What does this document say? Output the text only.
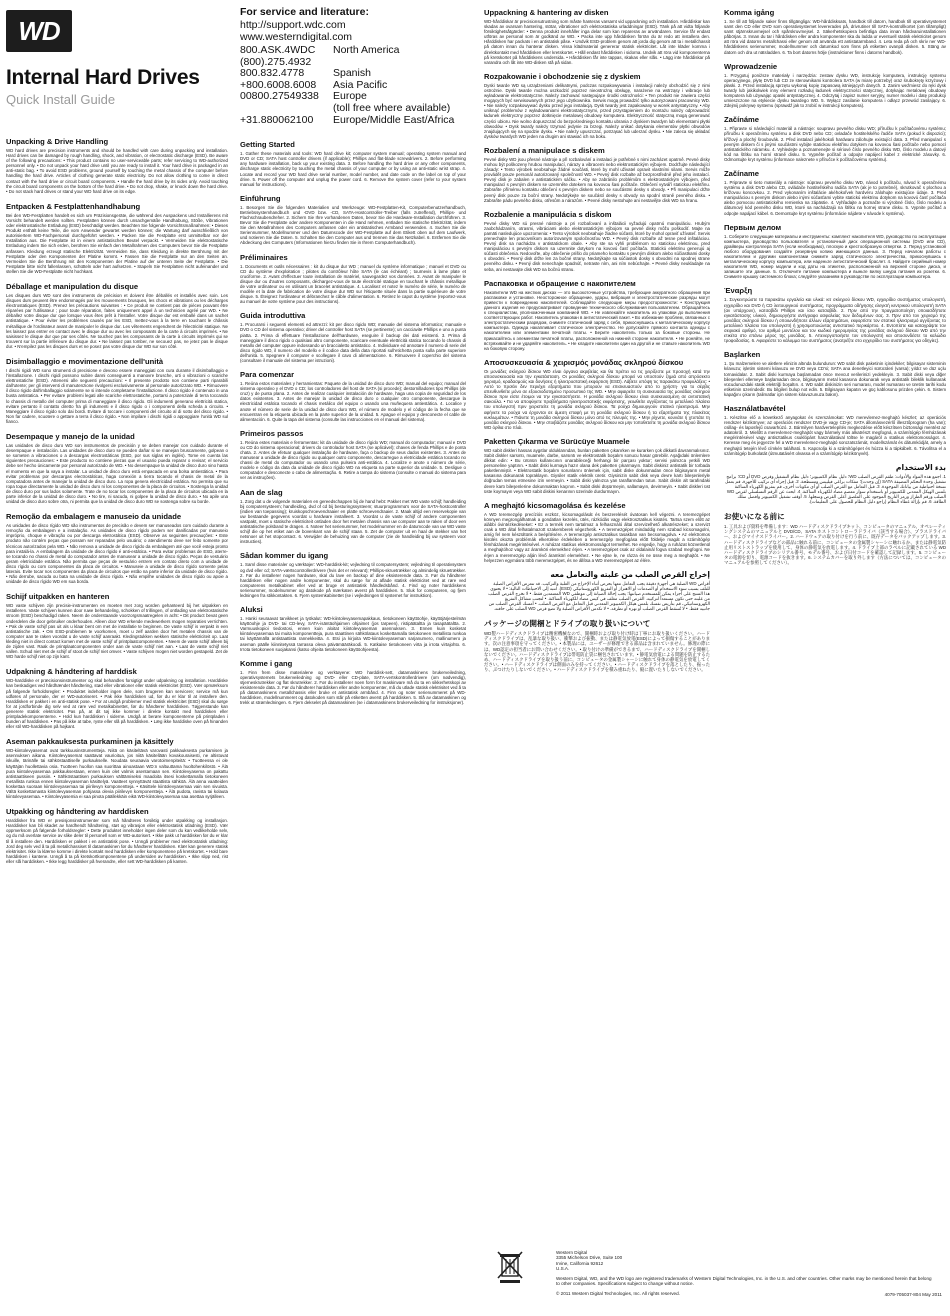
WD
Internal Hard Drives
Quick Install Guide
Unpacking & Drive Handling
WD hard drives are precision instruments and should be handled with care during unpacking and installation. Hard drives can be damaged by rough handling, shock, and vibration, or electrostatic discharge (ESD). Be aware of the following precautions: • This product contains no user-serviceable parts; refer servicing to WD-authorized personnel only. • Do not unpack your hard drive until you are ready to install it. Your hard drive is packaged in an anti-static bag. • To avoid ESD problems, ground yourself by touching the metal chassis of the computer before handling the hard drive. Articles of clothing generate static electricity. Do not allow clothing to come in direct contact with the hard drive or circuit board components. • Handle the hard drive by its sides only. Avoid touching the circuit board components on the bottom of the hard drive. • Do not drop, shake, or knock down the hard drive. • Do not stack hard drives or stand your WD hard drive on its edge.
Entpacken & Festplattenhandhabung
Bei den WD-Festplatten handelt es sich um Präzisionsgeräte, die während des Auspackens und Installierens mit Vorsicht behandelt werden sollten. Festplatten können durch unsachgemäße Handhabung, Stöße, Vibrationen oder elektrostatische Entladung (ESD) beschädigt werden. Beachten Sie folgende Vorsichtsmaßnahmen: • Dieses Produkt enthält keine Teile, die vom Anwender gewartet werden können; die Wartung darf ausschließlich von autorisiertem WD-Fachpersonal durchgeführt werden. • Packen Sie die Festplatte erst unmittelbar vor der Installation aus. Die Festplatte ist in einem antistatischen Beutel verpackt. • Vermeiden Sie elektrostatische Entladung indem Sie sich erden, berühren Sie einfach den Metallrahmen des Computers bevor Sie die Festplatte anfassen. Kleidung erzeugt statische Elektrizität. Vermeiden Sie, dass Kleidung in direkte Berührung mit der Festplatte oder den Komponenten der Platine kommt. • Fassen Sie die Festplatte nur an den Seiten an. Vermeiden Sie die Berührung mit den Komponenten der Platine auf der unteren Seite der Festplatte. • Die Festplatte bitte nicht fallenlassen, schütteln oder hart aufsetzen. • Stapeln Sie Festplatten nicht aufeinander und stellen Sie die WD-Festplatte nicht hochkant.
Déballage et manipulation du disque
Les disques durs WD sont des instruments de précision et doivent être déballés et installés avec soin. Les disques durs peuvent être endommagés par les mouvements brusques, les chocs et vibrations ou les décharges électrostatiques (ESD). Prenez les précautions suivantes : • Ce produit ne contient pas de pièces pouvant être réparées par l'utilisateur ; pour toute réparation, faites uniquement appel à un technicien agréé par WD. • Ne déballez votre disque dur que lorsque vous êtes prêt à l'installer. Votre disque dur est emballé dans un sachet antistatique. • Pour éviter les problèmes causés par les ESD, mettez-vous à la terre en touchant le châssis métallique de l'ordinateur avant de manipuler le disque dur. Les vêtements engendrent de l'électricité statique. Ne les laissez pas entrer en contact avec le disque dur ou avec les composants de la carte à circuits imprimés. • Ne saisissez le disque dur que par ses côtés. Ne touchez pas les composants de la carte à circuits imprimés qui se trouvent sur la partie inférieure du disque dur. • Ne laissez pas tomber, ne secouez pas, ne jetez pas le disque dur. • N'empilez pas les disques durs et ne posez pas votre disque dur WD sur son côté.
Disimballaggio e movimentazione dell'unità
I dischi rigidi WD sono strumenti di precisione e devono essere maneggiati con cura durante il disimballaggio e l'installazione. I dischi rigidi possono subire danni conseguenti a manovre brusche, urti o vibrazioni o scariche elettrostatiche (ESD). Attenersi alle seguenti precauzioni: • Il presente prodotto non contiene parti riparabili dall'utente; per gli interventi di manutenzione rivolgersi esclusivamente al personale autorizzato WD. • Rimuovere il disco rigido dall'imballaggio solamente se si intende completarne l'installazione. Il disco rigido è contenuto in una busta antistatica. • Per evitare problemi legati alle scariche elettrostatiche, portarsi a potenziale di terra toccando lo chassis di metallo del computer prima di maneggiare il disco rigido. Gli indumenti generano elettricità statica, evitare pertanto il contatto diretto fra gli indumenti e il disco rigido o i componenti della scheda a circuito. • Maneggiare il disco rigido solo dai bordi. Evitare di toccare i componenti del circuito al di sotto del disco rigido. • Non far cadere, scuotere o gettare a terra il disco rigido. • Non impilare i dischi rigidi o appoggiare l'unità WD sul fianco.
Desempaque y manejo de la unidad
Las unidades de disco duro WD son instrumentos de precisión y se deben manejar con cuidado durante el desempaque e instalación. Las unidades de disco duro se pueden dañar si se manejan bruscamente, golpean o se someten a vibraciones o a descargas electrostáticas (ESD, por sus siglas en inglés). Tome en cuenta las siguientes precauciones: • Este producto no contiene piezas que el usuario pueda reparar o revisar; el servicio debe ser hecho únicamente por personal autorizado de WD. • No desempaque la unidad de disco duro sino hasta el momento en que la vaya a instalar. La unidad de disco duro está empacada en una bolsa antiestática. • Para evitar problemas por descargas electrostáticas, haga conexión a tierra tocando el chasis de metal de la computadora antes de manejar la unidad de disco duro. La ropa genera electricidad estática. No permita que su ropa toque directamente la unidad de disco duro ni los componentes de la placa de circuitos. • Sostenga la unidad de disco duro por sus lados solamente. Trate de no tocar los componentes de la placa de circuitos ubicada en la parte inferior de la unidad de disco duro. • No tire, ni sacuda, ni golpee la unidad de disco duro. • No apile una unidad de disco duro sobre otra, ni permita que la unidad de disco duro WD se sostenga sobre su borde.
Remoção da embalagem e manuseio da unidade
As unidades de disco rígido WD são instrumentos de precisão e devem ser manuseados com cuidado durante a remoção da embalagem e a instalação. As unidades de disco rígido podem ser danificadas por manuseio impróprio, choque e vibração ou por descarga eletrostática (ESD). Observe as seguintes precauções: • Este produto não contém peças que possam ser reparadas pelo usuário; o atendimento deve ser feito somente por técnicos autorizados pela WD. • Não remova a unidade de disco rígido da embalagem até que você esteja pronto para instalá-la. A embalagem da unidade de disco rígido é anti-estática. • Para evitar problemas de ESD, aterre-se tocando no chassi de metal do computador antes de manusear a unidade de disco rígido. Peças de vestuário geram eletricidade estática. Não permita que peças de vestuário entrem em contato direto com a unidade de disco rígido ou com componentes da placa de circuitos. • Manuseie a unidade de disco rígido somente pelas laterais. Evite tocar nos componentes da placa de circuitos que estão na parte inferior da unidade de disco rígido. • Não derrube, sacuda ou bata na unidade de disco rígido. • Não empilhe unidades de disco rígido ou apoie a unidade de disco rígido WD em sua borda.
Schijf uitpakken en hanteren
WD vaste schijven zijn precisie-instrumenten en moeten met zorg worden gehanteerd bij het uitpakken en installeren. Vaste schijven kunnen door ruwe behandeling, schokken of trillingen, of ontlading van elektrostatische stroom (ESD) beschadigd raken. Neem de onderstaande voorzorgsmaatregelen in acht: • Dit product bevat geen onderdelen die door gebruiker onderhouden. Alleen door WD erkende medewerkers mogen reparaties verrichten. • Pak de vaste schijf pas uit als u klaar bent om met de installatie te beginnen. De vaste schijf is verpakt in een antistatische zak. • Om ESD-problemen te voorkomen, moet u zelf aarden door het metalen chassis van de computer aan te raken voordat u de vaste schijf aanraakt. Kledingstukken wekken statische elektriciteit op. Laat kleding niet in direct contact komen met de vaste schijf of printplaatcomponenten. • Neem de vaste schijf alleen bij de zijden vast. Raak de printplaatcomponenten onder aan de vaste schijf niet aan. • Laat de vaste schijf niet vallen. Schud niet met de schijf of stoot de schijf niet omver. • Vaste schijven mogen niet worden gestapeld. Zet de WD harde schijf niet op zijn kant.
Udpakning & håndtering af harddisk
WD-harddiske er præcisionsinstrumenter og skal behandles forsigtigt under udpakning og installation. Harddiske kan beskadiges ved hårdhændet håndtering, stød eller vibrationer eller statisk elektricitet (ESD). Vær opmærksom på følgende forholdsregler: • Produktet indeholder ingen dele, som brugeren kan servicere; service må kun udføres af personale, der er WD-autoriseret. • Pak ikke harddisken ud, før du er klar til at installere den. Harddisken er pakket i en anti-statisk pose. • For at undgå problemer med statisk elektricitet (ESD) skal du sørge for at jordforbinde dig selv ved at røre ved metalkabinettet, før du håndterer harddisken. Tøjgenstande kan generere statisk elektricitet. Pas på, at dit tøj ikke kommer i direkte kontakt med harddisken eller printpladekomponenterne. • Hold kun harddisken i siderne. Undgå at berøre komponenterne på printpladen i bunden af harddisken. • Pas på ikke at tabe, ryste eller slå på harddisken. • Læg ikke harddiske oven på hinanden eller stil WD-harddisken på højkant.
Aseman pakkauksesta purkaminen ja käsittely
WD-kiintolevyasemat ovat tarkkuusinstrumentteja. Niitä on käsiteltävä varovasti pakkauksesta purkamisen ja asennuksen aikana. Kiintolevyasemat saattavat vaurioitua, jos niitä käsitellään kovakouraisesti, ne altistuvat iskuille, tärinälle tai sähköstaattiselle purkaukselle. Noudata seuraavia varotoimenpiteitä: • Tuotteessa ei ole käyttäjän huollettavia osia. Tuotteen huollon saa suorittaa ainoastaan WD:n valtuuttama huoltohenkilöstö. • Älä pura kiintolevyasemaa pakkauksestaan, ennen kuin olet valmis asentamaan sen. Kiintolevyasema on pakattu antistaattiseen pussiin. • Sähköstaattisen purkauksen välttämiseksi maadoita itsesi koskettamalla tietokoneen metallista runkoa ennen kiintolevyaseman käsittelyä. Vaatteet synnyttävät staattista sähköä. Älä anna vaatteiden koskettaa suoraan kiintolevyasemaa tai piirilevyn komponentteja. • Käsittele kiintolevyasemaa vain sen sivuista. Vältä koskettamasta kiintolevyaseman pohjassa olevia piirilevyn komponentteja. • Älä pudota, ravista tai kolauta kiintolevyasemaa. • Kiintolevyasemia ei saa pinota päällekkäin eikä WD-kiintolevyasemaa saa asettaa syrjälleen.
Utpakking og håndtering av harddisken
Harddisker fra WD er presisjonsinstrumenter som må håndteres forsiktig under utpakking og installasjon. Harddisker kan bli skadet av hardhendt håndtering, støt og vibrasjon eller elektrostatisk utladning (ESD). Vær oppmerksom på følgende forholdsregler: • Dette produktet inneholder ingen deler som du kan vedlikeholde selv, og du må overlate service av slike deler til personell som er WD-autorisert. • Ikke pakk ut harddisken før du er klar til å installere den. Harddisken er pakket i en antistatisk pose. • Unngå problemer med elektrostatisk utladning: Jord deg selv ved å ta på metallchassiset til datamaskinen før du håndterer harddisken. Klær kan generere statisk elektrisitet. Ikke la klærne komme i direkte kontakt med harddisken eller komponentene på kretskortet. • Hold bare harddisken i kantene. Unngå å ta på kretskortkomponentene på undersiden av harddisken. • Ikke slipp ned, rist eller slå harddisken. • Ikke legg harddisker på hverandre, eller sett WD-harddisken på kanten.
For service and literature:
http://support.wdc.com
www.westerndigital.com
800.ASK.4WDC	North America
(800).275.4932
800.832.4778	Spanish
+800.6008.6008	Asia Pacific
00800.27549338	Europe
(toll free where available)
+31.880062100	Europe/Middle East/Africa
Getting Started
1. Gather these materials and tools: WD hard drive kit; computer system manual; operating system manual and DVD or CD; SATA host controller drivers (if applicable); Phillips and flat-blade screwdrivers. 2. Before performing any hardware installation, back up your existing data. 3. Before handling the hard drive or any other components, discharge static electricity by touching the metal chassis of your computer or by using an anti-static wrist strap. 4. Locate and record your WD hard drive serial number, model number, and date code on the label on top of your drive. 5. Power off the computer and unplug the power cord. 6. Remove the system cover (refer to your system manual for instructions).
Einführung
1. Besorgen Sie die folgenden Materialien und Werkzeuge: WD-Festplatten-Kit, Computerbenutzerhandbuch, Betriebssystemhandbuch und -DVD bzw. -CD, SATA-Hostcontroller-Treiber (falls zutreffend), Phillips- und Flachschraubendreher. 2. Sichern Sie Ihre vorhandenen Daten, bevor Sie die Hardware-Installation durchführen. 3. Bevor Sie die Festplatte oder andere Komponenten in die Hand nehmen, entladen Sie statische Elektrizität, indem Sie den Metallrahmen des Computers anfassen oder ein antistatisches Armband verwenden. 4. Suchen Sie die Seriennummer, Modellnummer und den Datumscode der WD-Festplatte auf dem Etikett oben auf dem Laufwerk, und notieren Sie die Daten. 5. Schalten Sie den Computer aus und trennen Sie das Netzkabel. 6. Entfernen Sie die Abdeckung des Computers (Informationen hierzu finden Sie in Ihrem Computerhandbuch).
Préliminaires
1. Documents et outils nécessaires : kit du disque dur WD ; manuel du système informatique ; manuel et DVD ou CD du système d'exploitation ; pilotes du contrôleur hôte SATA (le cas échéant) ; tournevis à lame plate et cruciforme. 2. Avant d'effectuer toute installation de matériel, sauvegardez vos données. 3. Avant de manipuler le disque dur ou d'autres composants, déchargez-vous de toute électricité statique en touchant le châssis métallique de votre ordinateur ou en utilisant un bracelet antistatique. 4. Localisez et notez le numéro de série, le numéro de modèle et la date de fabrication de votre disque dur WD sur l'étiquette située dans la partie supérieure de votre disque. 5. Éteignez l'ordinateur et débranchez le câble d'alimentation. 6. Retirez le capot du système (reportez-vous au manuel de votre système pour des instructions).
Guida introduttiva
1. Procurarsi i seguenti elementi ed attrezzi: kit per disco rigido WD; manuale del sistema informatico; manuale e DVD o CD del sistema operativo; driver del controller host SATA (se pertinente); un cacciavite Phillips e uno a punta piatta. 2. Prima di effettuare l'installazione dell'hardware, eseguire il backup dei dati esistenti. 3. Prima di maneggiare il disco rigido o qualsiasi altro componente, scaricare eventuale elettricità statica toccando lo chassis di metallo del computer oppure indossando un braccialetto antistatico. 4. Individuare ed annotare il numero di serie del disco rigido WD, il numero del modello e il codice data della data riportati sull'etichetta posta sulla parte superiore dell'unità. 5. Spegnere il computer e scollegare il cavo di alimentazione. 6. Rimuovere il coperchio del sistema (consultare il manuale del sistema per istruzioni).
Para comenzar
1. Reúna estos materiales y herramientas: Paquete de la unidad de disco duro WD; manual del equipo; manual del sistema operativo y el DVD o CD; los controladores del host de SATA (si procede); destornilladores tipo Phillips (de cruz) y de punta plana. 2. Antes de realizar cualquier instalación de hardware, haga una copia de seguridad de los datos existentes. 3. Antes de manejar la unidad de disco duro o cualquier otro componente, descargue la electricidad estática tocando el chasis metálico del equipo o usando una muñequera antiestática. 4. Localice y anote el número de serie de la unidad de disco duro WD, el número de modelo y el código de la fecha que se encuentran en la etiqueta ubicada en la parte superior de la unidad. 5. Apague el equipo y desconecte el cable de alimentación. 6. Quite la tapa del sistema (consulte las instrucciones en el manual del sistema).
Primeiros passos
1. Reúna estes materiais e ferramentas: kit da unidade de disco rígido WD; manual do computador; manual e DVD ou CD do sistema operacional; drivers do controlador host SATA (se aplicável); chaves de fenda Phillips e de ponta chata. 2. Antes de efetuar qualquer instalação de hardware, faça o backup de seus dados existentes. 3. Antes de manusear a unidade de disco rígido ou qualquer outro componente, descarregue a eletricidade estática tocando no chassi de metal do computador ou usando uma pulseira anti-estática. 4. Localize e anote o número de série, modelo e código da data da unidade de disco rígido WD na etiqueta na parte superior da unidade. 5. Desligue o computador e desconecte o cabo de alimentação. 6. Retire a tampa do sistema (consulte o manual do sistema para ver as instruções).
Aan de slag
1. Zorg dat u de volgende materialen en gereedschappen bij de hand hebt: Pakket met WD vaste schijf; handleiding bij computersysteem; handleiding, dvd of cd bij besturingssysteem; stuurprogramma's voor de SATA-hostcontroller (indien van toepassing); kruiskopschroevendraaier en platte schroevendraaier. 2. Maak altijd een reservekopie van uw bestaande gegevens voordat u hardware installeert. 3. Voordat u de vaste schijf of andere componenten vastpakt, moet u statische elektriciteit ontladen door het metalen chassis van uw computer aan te raken of door een antistatische polsband te dragen. 4. Noteer het serienummer, het modelnummer en de datumcode van uw WD vaste schijf die op het etiket aan de bovenkant van de schijf staan. 5. Zet de computer uit en haal de stekker van het netsnoer uit het stopcontact. 6. Verwijder de behuizing van de computer (zie de handleiding bij uw systeem voor instructies).
Sådan kommer du igang
1. Saml disse materialer og værktøjer: WD-harddisk-kit; vejledning til computersystem; vejledning til operativsystem og dvd eller cd; SATA-værtscontrollerdrivere (hvis det er relevant); Phillips-skruetrækker og almindelig skruetrækker. 2. Før du installerer nogen hardware, skal du lave en backup af dine eksisterende data. 3. Før du håndterer harddisken eller nogen andre komponenter, skal du sørge for at aflade statisk elektricitet ved at røre ved computerens metalkabinet eller ved at bruge et antistatisk håndledsbånd. 4. Find og noter harddiskens serienummer, modelnummer og datokode på mærkaten øverst på harddisken. 5. Sluk for computeren, og fjern ledningen fra stikkontakten. 6. Fjern systemkabinettet (se i vejledningen til systemet for instruktion).
Aluksi
1. Hanki seuraavat tarvikkeet ja työkalut: WD-kiintolevyasemapakkaus, tietokoneen käyttöohje, käyttöjärjestelmän käyttöohje ja DVD- tai CD-levy, SATA-isäntäohjaimen ohjaimet (jos tarpeen), ristipäätaltta ja tasapäätaltta. 2. Varmuuskopioi tiedostosi, ennen kuin aloitat kiintolevyaseman asennuksen. 3. Ennen kuin kosketat kiintolevyasemaa tai muita komponentteja, pura staattinen sähkölataus koskettamalla tietokoneen metallista runkoa tai käyttämällä antistaattista rannekkeitta. 4. Etsi ja kirjoita WD-kiintolevyaseman sarjanumero, mallinumero ja aseman päälle kiinnitetyssä tarrassa oleva päivämääräkoodi. 5. Katkaise tietokoneen virta ja irrota virtajohto. 6. Irrota tietokoneen suojakansi (katso ohjeita tietokoneen käyttöohjeesta).
Komme i gang
1. Finn frem disse materialene og verktøyene: WD harddisk-sett, datamaskinens brukerveiledning, operativsystemets brukerveiledning og DVD- eller CD-plate, SATA-vertskontrollerdrivere (om nødvendig), stjerneskrutrekker og flat skrutrekker. 2. Før du installerer noen form for maskinvare må du ta en sikkerhetskopi av eksisterende data. 3. Før du håndterer harddisken eller andre komponenter, må du utlade statisk elektrisitet ved å ta på datamaskinens metallchassis eller bruke et antistatisk armbånd. 4. Finn og noter serienummeret på WD-harddisken, modellnummeret og datokoden som står på etiketten øverst på harddisken. 5. Slå av datamaskinen og trekk ut strømledningen. 6. Fjern dekselet på datamaskinen (se i datamaskinens brukerveiledning for instruksjoner).
Uppackning & hantering av disken
WD-hårddiskar är precisionsutrustning som måste hanteras varsamt vid uppackning och installation. Hårddiskar kan skadas av ovarsam hantering, stötar, vibrationer och elektrostatiska urladdningar (ESD). Tänk på att vidta följande försiktighetsåtgärder: • Denna produkt innehåller inga delar som kan repareras av användaren. Service får endast utföras av personal som är godkänd av WD. • Packa inte upp hårddisken förrän du är redo att installera den. Hårddisken har packats i en antistatisk påse. • Undvik ESD-problem genom att jorda dig genom att ta i metallchassit på datorn innan du hanterar disken. Vissa klädmaterial genererar statisk elektricitet. Låt inte kläder komma i direktkontakt med hårddisken eller kretskortet. • Håll endast hårddisken i sidorna. Undvik att röra vid komponenterna på kretskortet på hårddiskens undersida. • Hårddisken får inte tappas, skakas eller slås. • Lägg inte hårddiskar på varandra och låt inte WD-disken stå på sidan.
Rozpakowanie i obchodzenie się z dyskiem
Dyski twarde WD są urządzeniami delikatnymi, podczas rozpakowywania i instalacji należy obchodzić się z nimi ostrożnie. Dyski twarde można uszkodzić poprzez nieostrożną obsługę, narażenie na wstrząsy i wibracje lub wyładowanie elektrostatyczne. Należy zachować następujące środki ostrożności: • Ten produkt nie zawiera części mogących być serwisowanych przez jego użytkownika. Serwis mogą prowadzić tylko autoryzowani pracownicy WD. • Nie należy rozpakowywać dysku przed jego instalacją. Dysk twardy jest zapakowany w worek antystatyczny. • Aby uniknąć problemów z wyładowaniami elektrostatycznymi, przed przystąpieniem do montażu należy odprowadzić ładunek elektryczny poprzez dotknięcie metalowej obudowy komputera. Elektryczność statyczną mogą generować części ubioru. Nie wolno dopuszczać do bezpośredniego kontaktu ubrania z dyskiem twardym lub elementami płytki obwodów. • Dysk twardy należy trzymać jedynie za brzegi. Należy unikać dotykania elementów płytki obwodów znajdujących się na spodzie dysku. • Nie należy upuszczać, potrząsać lub uderzać dysku. • Nie zaleca się układać dysków twardych WD jeden na drugim ani stawiać ich na boku.
Rozbalení a manipulace s diskem
Pevné disky WD jsou přesné nástroje a při rozbalování a instalaci je potřebné s nimi zacházet opatrně. Pevné disky mohou být poškozeny hrubou manipulací, nárazy a vibracemi nebo elektrostatickým výbojem. Dodržujte následující zásady: • Tento výrobek neobsahuje žádné součásti, které by mohl uživatel opravit vlastními silami. Servis může provádět pouze personál autorizovaný společností WD. • Pevný disk rozbalte až bezprostředně před jeho instalací. Pevný disk je zabalen v antistatickém sáčku. • Aby se zabránilo problémům s elektrostatickým výbojem, před manipulací s pevným diskem se uzemněte dotekem na kovovou šasi počítače. Oblečení vytváří statickou elektřinu. Zabraňte přímému kontaktu oblečení s pevným diskem nebo se součástmi desky s obvody. • Při manipulaci držte pevný disk pouze za boční strany. Nedotýkejte se součástí desky s obvody na spodní straně pevného disku. • Zabraňte pádu pevného disku, otřesům a nárazům. • Pevné disky nestohujte ani nestavějte disk WD na hranu.
Rozbalenie a manipulácia s diskom
Pevné disky WD sú presné nástroje a pri rozbaľovaní a inštalácii vyžadujú opatrnú manipuláciu. Hrubým zaobchádzaním, otrasmi, vibráciami alebo elektrostatickým výbojom sa pevné disky môžu poškodiť. Majte na pamäti nasledujúce upozornenia: • Tento výrobok neobsahuje žiadne súčasti, ktoré by mohol opraviť užívateľ. Servis prenechajte len pracovníkom autorizovaným spoločnosťou WD. • Pevný disk rozbaľte až tesne pred inštaláciou. Pevný disk sa nachádza v antistatickom obale. • Aby ste sa vyhli problémom so statickou elektrinou, pred manipuláciou s pevným diskom sa uzemnite dotykom na kovovú časť počítača. Statickú elektrinu generujú aj súčasti oblečenia. Nedovoľte, aby oblečenie prišlo do priameho kontaktu s pevným diskom alebo súčiastkami dosky s obvodmi. • Pevný disk držte len za bočné strany. Nedotýkajte sa súčiastok dosky s obvodmi na spodnej strane pevného disku. • Pevný disk nenechajte spadnúť, netraste ním, ani ním nebúchajte. • Pevné disky neukladajte na seba, ani nestavajte disk WD na bočnú stranu.
Распаковка и обращение с накопителем
Накопители WD на жестких дисках — это высокоточные устройства, требующие аккуратного обращения при распаковке и установке. Неосторожное обращение, удары, вибрация и электростатические разряды могут привести к повреждению накопителей. Соблюдайте следующие меры предосторожности: • Конструкция данного изделия не предусматривает проведение технического обслуживания пользователем. Обращайтесь к специалистам, уполномоченным компанией WD. • Не извлекайте накопитель из упаковки до выполнения соответствующих работ. Накопитель упакован в антистатический пакет. • Во избежание проблем, связанных с электростатическим разрядом, снимите статический заряд с себя, прикоснувшись к металлическому корпусу компьютера. Одежда накапливает статическое электричество. Не допускайте прямого контакта одежды с накопителем или элементами печатной платы. • Берите накопитель только за боковые стороны. Не прикасайтесь к элементам печатной платы, расположенной на нижней стороне накопителя. • Не роняйте, не встряхивайте и не ударяйте накопитель. • Не кладите накопители один на другой и не ставьте накопитель WD на боковую сторону.
Αποσυσκευασία & χειρισμός μονάδας σκληρού δίσκου
Οι μονάδες σκληρού δίσκου WD είναι όργανα ακριβείας και θα πρέπει να τις χειρίζεστε με προσοχή κατά την αποσυσκευασία και την εγκατάσταση. Οι μονάδες σκληρού δίσκου μπορεί να υποστούν ζημιά από απρόσεκτο χειρισμό, κραδασμούς και δονήσεις ή ηλεκτροστατική εκφόρτιση (ESD). Λάβετε υπόψη τις παρακάτω προφυλάξεις: • Αυτό το προϊόν δεν περιέχει εξαρτήματα που μπορούν να επισκευαστούν από το χρήστη· για το σέρβις απευθυνθείτε μόνο σε εξουσιοδοτημένο προσωπικό της WD. • Μην αφαιρείτε τη συσκευασία της μονάδας σκληρού δίσκου πριν είστε έτοιμοι να την εγκαταστήσετε. Η μονάδα σκληρού δίσκου είναι συσκευασμένη σε αντιστατική σακούλα. • Για να αποφύγετε προβλήματα ηλεκτροστατικής εκφόρτισης, γειωθείτε αγγίζοντας το μεταλλικό πλαίσιο του υπολογιστή πριν χειριστείτε τη μονάδα σκληρού δίσκου. Τα ρούχα δημιουργούν στατικό ηλεκτρισμό. Μην αφήνετε τα ρούχα να έρχονται σε άμεση επαφή με τη μονάδα σκληρού δίσκου ή τα εξαρτήματα της πλακέτας κυκλωμάτων. • Πιάνετε τη μονάδα σκληρού δίσκου μόνο από τις πλευρές της. • Μην ρίχνετε, κουνάτε ή χτυπάτε τη μονάδα σκληρού δίσκου. • Μην στοιβάζετε μονάδες σκληρού δίσκου και μην τοποθετείτε τη μονάδα σκληρού δίσκου WD όρθια στο πλάι.
Paketten Çıkarma ve Sürücüye Muamele
WD sabit diskleri hassas aygıtlar olduklarından, bunları paketten çıkarırken ve kurarken çok dikkatli davranmalısınız. Sabit diskler sarsıntı, muamele, darbe, sarsıntı ve elektrostatik boşalım sonucu hasar görebilir. Aşağıdaki önlemlere dikkat edin: • Bu ürünün kullanıcının onarabileceği herhangi bir parçası yoktur; servisi yalnızca yetkili WD personeline yaptırın. • Sabit diski kurmaya hazır olana dek paketten çıkarmayın. Sabit diskiniz antistatik bir torbada paketlenmiştir. • Elektrostatik boşalım sorunlarını önlemek için, sabit diske dokunmadan önce bilgisayarın metal kasasına dokunarak topraklayın. Giysiler statik elektrik üretir. Giysinizin sabit disk veya devre kartı bileşenleriyle doğrudan temas etmesine izin vermeyin. • Sabit diski yalnızca yan taraflarından tutun. Sabit diskin alt tarafındaki devre kartı bileşenlerine dokunmaktan kaçının. • Sabit diski düşürmeyin, sallamayın, devirmeyin. • Sabit diskleri üst üste koymayın veya WD sabit diskini kenarının üzerinde durdurmayın.
A meghajtó kicsomagolása és kezelése
A WD teremezgép precíziós eszköz, kicsomagolását és beszerelését óvatosan kell végezni. A teremezgépet könnyen megrongálhatnak a gondatlan kezelés, ütés, rázkódás vagy elektrosztatikus kisütés. Tartsa szem előtt az alábbi óvintézkedéseket: • Ez a termék nem tartalmaz a felhasználó által szervizelhető alkatrészeket; a szervizt csak a WD által felhatalmazott szakemberek végezhetik. • A teremezgépet mindaddig nem szabad kicsomagolni, amíg fel nem készültünk a beépítésére. A teremezgép antisztatikus tasakban van becsomagolva. • Az elektromos kisülés okozta problémák elkerülése érdekében a teremezgép megfogása előtt földelje magát a számítógép fémházának megérintésével. A ruházat statikus elektromosságot termelhet. Ne engedje, hogy a ruházat közvetlenül a meghajtóhoz vagy az áramköri elemekhez érjen. • A teremezgépet csak az oldalainál fogva szabad megfogni. Ne érjen a meremezgép alján lévő áramköri elemekhez. • Ne ejtse le, ne rázza és ne üsse meg a meghajtót. • Ne helyezzen egymásra több meremezgépet, és ne állítsa a WD meremezgépet az élére.
إخراج القرص الصلب من علبته والتعامل معه
أقراص WD الصلبة هي أجهزة دقيقة يجب التعامل معها بحرص أثناء الإخراج من العلبة والتركيب. قد تتعرض الأقراص الصلبة للتلف بسبب سوء الاستخدام أو الصدمات أو الاهتزاز أو التفريغ الكهروستاتيكي (ESD). انتبه إلى الاحتياطات التالية: • لا يحتوي هذا المنتج على أجزاء يمكن للمستخدم صيانتها؛ يجب إحالة الصيانة إلى موظفي WD المعتمدين فقط. • لا تخرج القرص الصلب من علبته حتى تكون مستعداً لتركيبه. القرص الصلب مغلف في كيس مضاد للكهرباء الساكنة. • لتجنب مشاكل التفريغ الكهروستاتيكي، قم بتأريض نفسك بلمس هيكل الكمبيوتر المعدني قبل التعامل مع القرص الصلب. • أمسك القرص الصلب من جانبيه فقط. • لا تُسقط القرص الصلب أو تهزه أو تطرقه. • لا تكدس الأقراص الصلبة ولا تضع قرص WD الصلب على حافته.
パッケージの開梱とドライブの取り扱いについて
WD製ハードディスクドライブは精密機械なので、開梱時および取り付け時は丁寧にお取り扱いください。ハードディスクドライブは、乱暴な取り扱い、衝撃および振動、または静電気放電(ESD)によって損傷することがあります。次の注意事項を守ってください。• 本製品には、ユーザーが修理できる部品は含まれていません。修理の際には、WD認定の担当者にお問い合わせください。• 取り付けの準備ができるまで、ハードディスクドライブを開梱しないでください。ハードディスクドライブは帯電防止袋に梱包されています。• 静電気放電による問題を防止するため、ハードディスクドライブを取り扱う前に、コンピュータの金属製シャーシに触れて身体の静電気を放電してください。• ハードディスクドライブは側面のみを持ってください。• ハードディスクドライブを落としたり、振ったり、ぶつけたりしないでください。• ハードディスクドライブを積み重ねたり、縦に置いたりしないでください。
Komma igång
1. Se till att följande saker finns tillgängliga: WD-hårddisksats, handbok till datorn, handbok till operativsystemet samt den CD eller DVD som operativsystemet levererades på, drivrutiner till SATA-kontrollkortet (om tillämpligt) samt stjärnskruvmejsel och spårskruvmejsel. 2. Säkerhetskopiera befintliga data innan hårdvaruinstallationen påbörjas. 3. Innan du tar i hårddisken eller andra komponenter ska du ladda ur eventuell statisk elektricitet genom att röra vid datorns metallchassi eller genom att använda ett antistatarmband. 4. Leta reda på och skriv ner WD-hårddiskens serienummer, modellnummer och datumkod som finns på etiketten ovanpå disken. 5. Stäng av datorn och dra ut nätsladden. 6. Ta bort datorns hölje (instruktioner finns i datorns handbok).
Wprowadzenie
1. Przygotuj poniższe materiały i narzędzia: zestaw dysku WD, instrukcję komputera, instrukcję systemu operacyjnego, płytę DVD lub CD ze sterownikami kontrolera SATA (w miarę potrzeby) oraz śrubokręty krzyżowy i płaski. 2. Przed instalacją sprzętu wykonaj kopię zapasową istniejących danych. 3. Zanim weźmiesz do ręki dysk twardy lub jakikolwiek inny element rozładuj ładunek elektryczności statycznej, dotykając metalowej obudowy komputera lub używając opaski antystatycznej. 4. Odczytaj i zapisz numer seryjny, numer modelu i datę produkcji umieszczone na etykiecie dysku twardego WD. 5. Wyłącz zasilanie komputera i odłącz przewód zasilający. 6. Zdejmij pokrywę systemu (sprawdź jak to zrobić w instrukcji komputera).
Začínáme
1. Připravte si následující materiál a nástroje: soupravu pevného disku WD; příručku k počítačovému systému; příručku k operačnímu systému a disk DVD nebo CD; ovladače hostitelského řadiče SATA (pokud k dispozici); křížový a plochý šroubovák. 2. Před instalací jakéhokoli hardwaru zálohujte existující data. 3. Před manipulací s pevným diskem či s jinými součástmi vybijte statickou elektřinu dotykem na kovovou šasi počítače nebo pomocí antistatického náramku. 4. Vyhledejte a poznamenejte si sériové číslo pevného disku WD, číslo modelu a datový kód na štítku na horní straně disku. 5. Vypněte počítač a odpojte napájecí kabel z elektrické zásuvky. 6. Odmontujte kryt systému (informace naleznete v příručce k počítačovému systému).
Začíname
1. Pripravte si tieto materiály a nástroje: súpravu pevného disku WD, návod k počítaču, návod k operačnému systému a disk DVD alebo CD, ovládače hostiteľského radiča SATA (ak je to potrebné), skrutkovač s plochou a krížovou koncovkou. 2. Pred vykonaním inštalácie akéhokoľvek hardvéru zálohujte existujúce údaje. 3. Pred manipuláciou s pevným diskom alebo inými súčasťami vybite statickú elektrinu dotykom na kovovú časť počítača alebo pomocou antistatického remienka na zápästie. 4. Vyhľadajte a poznačte si výrobné číslo, číslo modelu a dátumový kód pevného disku WD, ktoré sa nachádzajú na štítku na hornej strane disku. 5. Vypnite počítač a odpojte napájací kábel. 6. Demontujte kryt systému (informácie nájdete v návode k systému).
Первым делом
1. Соберите следующие материалы и инструменты: комплект накопителя WD, руководство по эксплуатации компьютера, руководство пользователя и установочный диск операционной системы (DVD или CD), драйверы контроллера SATA (если необходимо), плоскую и крестообразную отвертки. 2. Перед установкой любого оборудования создайте резервную копию имеющихся данных. 3. Перед началом работы с накопителем и другими компонентами снимите заряд статического электричества, прикоснувшись к металлическому корпусу компьютера, или наденьте антистатический браслет. 4. Найдите серийный номер накопителя WD, номер модели и код даты на этикетке, расположенной на верхней стороне диска, и запишите эти данные. 5. Отключите питание компьютера и выньте вилку шнура питания из розетки. 6. Снимите крышку системного блока; следуйте указаниям в руководстве по эксплуатации компьютера.
Έναρξη
1. Συγκεντρώστε τα παρακάτω εργαλεία και υλικά: κιτ σκληρού δίσκου WD, εγχειρίδιο συστήματος υπολογιστή, εγχειρίδιο και DVD ή CD λειτουργικού συστήματος, προγράμματα οδήγησης ελεγκτή κεντρικού υπολογιστή SATA (αν υπάρχουν), κατσαβίδι Phillips και ίσιο κατσαβίδι. 2. Πριν από την πραγματοποίηση οποιασδήποτε εγκατάστασης υλικού, δημιουργήστε αντίγραφο ασφαλείας των δεδομένων σας. 3. Πριν από τον χειρισμό της μονάδας σκληρού δίσκου ή οποιωνδήποτε άλλων εξαρτημάτων, εκφορτίστε τον στατικό ηλεκτρισμό αγγίζοντας το μεταλλικό πλαίσιο του υπολογιστή ή χρησιμοποιώντας αντιστατικό περικάρπιο. 4. Εντοπίστε και καταγράψτε τον σειριακό αριθμό, τον αριθμό μοντέλου και τον κωδικό ημερομηνίας της μονάδας σκληρού δίσκου WD από την ετικέτα στο επάνω μέρος της μονάδας. 5. Απενεργοποιήστε τον υπολογιστή και αποσυνδέστε το καλώδιο τροφοδοσίας. 6. Αφαιρέστε το κάλυμμα του συστήματος (ανατρέξτε στο εγχειρίδιο του συστήματος για οδηγίες).
Başlarken
1. Şu malzemelere ve aletlere elinizin altında bulundurun: WD sabit disk paketinin içindekiler; bilgisayar sisteminin kılavuzu; işletim sistemi kılavuzu ve DVD veya CD'si; SATA ana denetleyici sürücüleri (varsa); yıldız ve düz uçlu tornavidalar. 2. Sabit diski kurmaya başlamadan önce mevcut verilerinizi yedekleyin. 3. Sabit diski veya diğer bileşenleri ellemeye başlamadan önce, bilgisayarın metal kasasına dokunarak veya antistatik bileklik kullanarak vücudunuzdaki statik elektriği boşaltın. 4. WD sabit diskinizin seri numarası, model numarası ve üretim tarihi kodu etiketinin üzerindedir. Bu bilgileri bulup not edin. 5. Bilgisayarı kapatın ve güç kablosunu prizden çekin. 6. Sistem kapağını çıkarın (talimatlar için sistem kılavuzunuza bakın).
Használatbavétel
1. Készítse elő a következő anyagokat és szerszámokat: WD merevlemez-meghajtó készlet; az operációs rendszer kézikönyve; az operációs rendszer DVD-je vagy CD-je; SATA állomásvezérlő illesztőprogram (ha van); csillag- és laposfejű csavarhúzó. 2. Bármilyen hardvertelepítés megkezdése előtt készítsen biztonsági mentést az adatokról. 3. Mielőtt a merevlemez-meghajtót vagy bármely más alkatrészt megfogná, a számítógép fémházának megérintésével vagy antisztatikus csuklópánt használatával töltse le magáról a statikus elektromosságot. 4. Keresse meg és jegyezze fel a WD merevlemez-meghajtó sorozatszámát, modellszámát és dátumkódját, amely a meghajtó tetején lévő címkén található. 5. Kapcsolja ki a számítógépet és húzza ki a tápkábelt. 6. Távolítsa el a számítógép burkolatát (útmutatásért olvassa el a számítógép kézikönyvét).
بدء الاستخدام
1. اجمع هذه المواد والأدوات: طقم القرص الصلب WD؛ دليل نظام الكمبيوتر؛ دليل نظام التشغيل وقرص DVD أو CD؛ برامج تشغيل وحدة التحكم المضيفة SATA (إن وجدت)؛ مفكات براغي فيليبس ومسطحة. 2. قبل إجراء أي تركيب للأجهزة، قم بعمل نسخة احتياطية من بياناتك الموجودة. 3. قبل التعامل مع القرص الصلب أو أي مكونات أخرى، قم بتفريغ الكهرباء الساكنة بلمس الهيكل المعدني للكمبيوتر أو باستخدام سوار معصم مضاد للكهرباء الساكنة. 4. ابحث عن الرقم التسلسلي لقرص WD الصلب ورقم الطراز ورمز التاريخ الموجود على الملصق أعلى القرص وسجلها. 5. أوقف تشغيل الكمبيوتر وافصل سلك الطاقة. 6. قم بإزالة غطاء النظام (راجع دليل النظام للحصول على التعليمات).
お使いになる前に
1. 工具および資料を準備します：WD ハードディスクドライブキット、コンピュータのマニュアル、オペレーティングシステムのマニュアルと DVD/CD、SATA ホストコントローラドライバ（該当する場合）、プラスドライバー、およびマイナスドライバー。2. ハードウェアの取り付けを行う前に、既存データをバックアップします。3. ハードディスクドライブなどの部品に触れる前に、コンピュータの金属製シャーシに触れるか、または静電気防止用リストストラップを使用して、身体の静電気を放電します。4. ドライブ上部のラベルに記載されている WD ハードディスクドライブのシリアル番号、モデル番号、および日付コードを確認して記録します。5. コンピュータの電源を切り、電源コードを抜きます。6. システムカバーを取り外します（方法については、コンピュータのマニュアルを参照してください）。
Western Digital
3355 Michelson Drive, Suite 100
Irvine, California 92612
U.S.A.
Western Digital, WD, and the WD logo are registered trademarks of Western Digital Technologies, Inc. in the U.S. and other countries. Other marks may be mentioned herein that belong to other companies. Specifications subject to change without notice.
© 2011 Western Digital Technologies, Inc. All rights reserved.	4079-705037-804 May 2011
